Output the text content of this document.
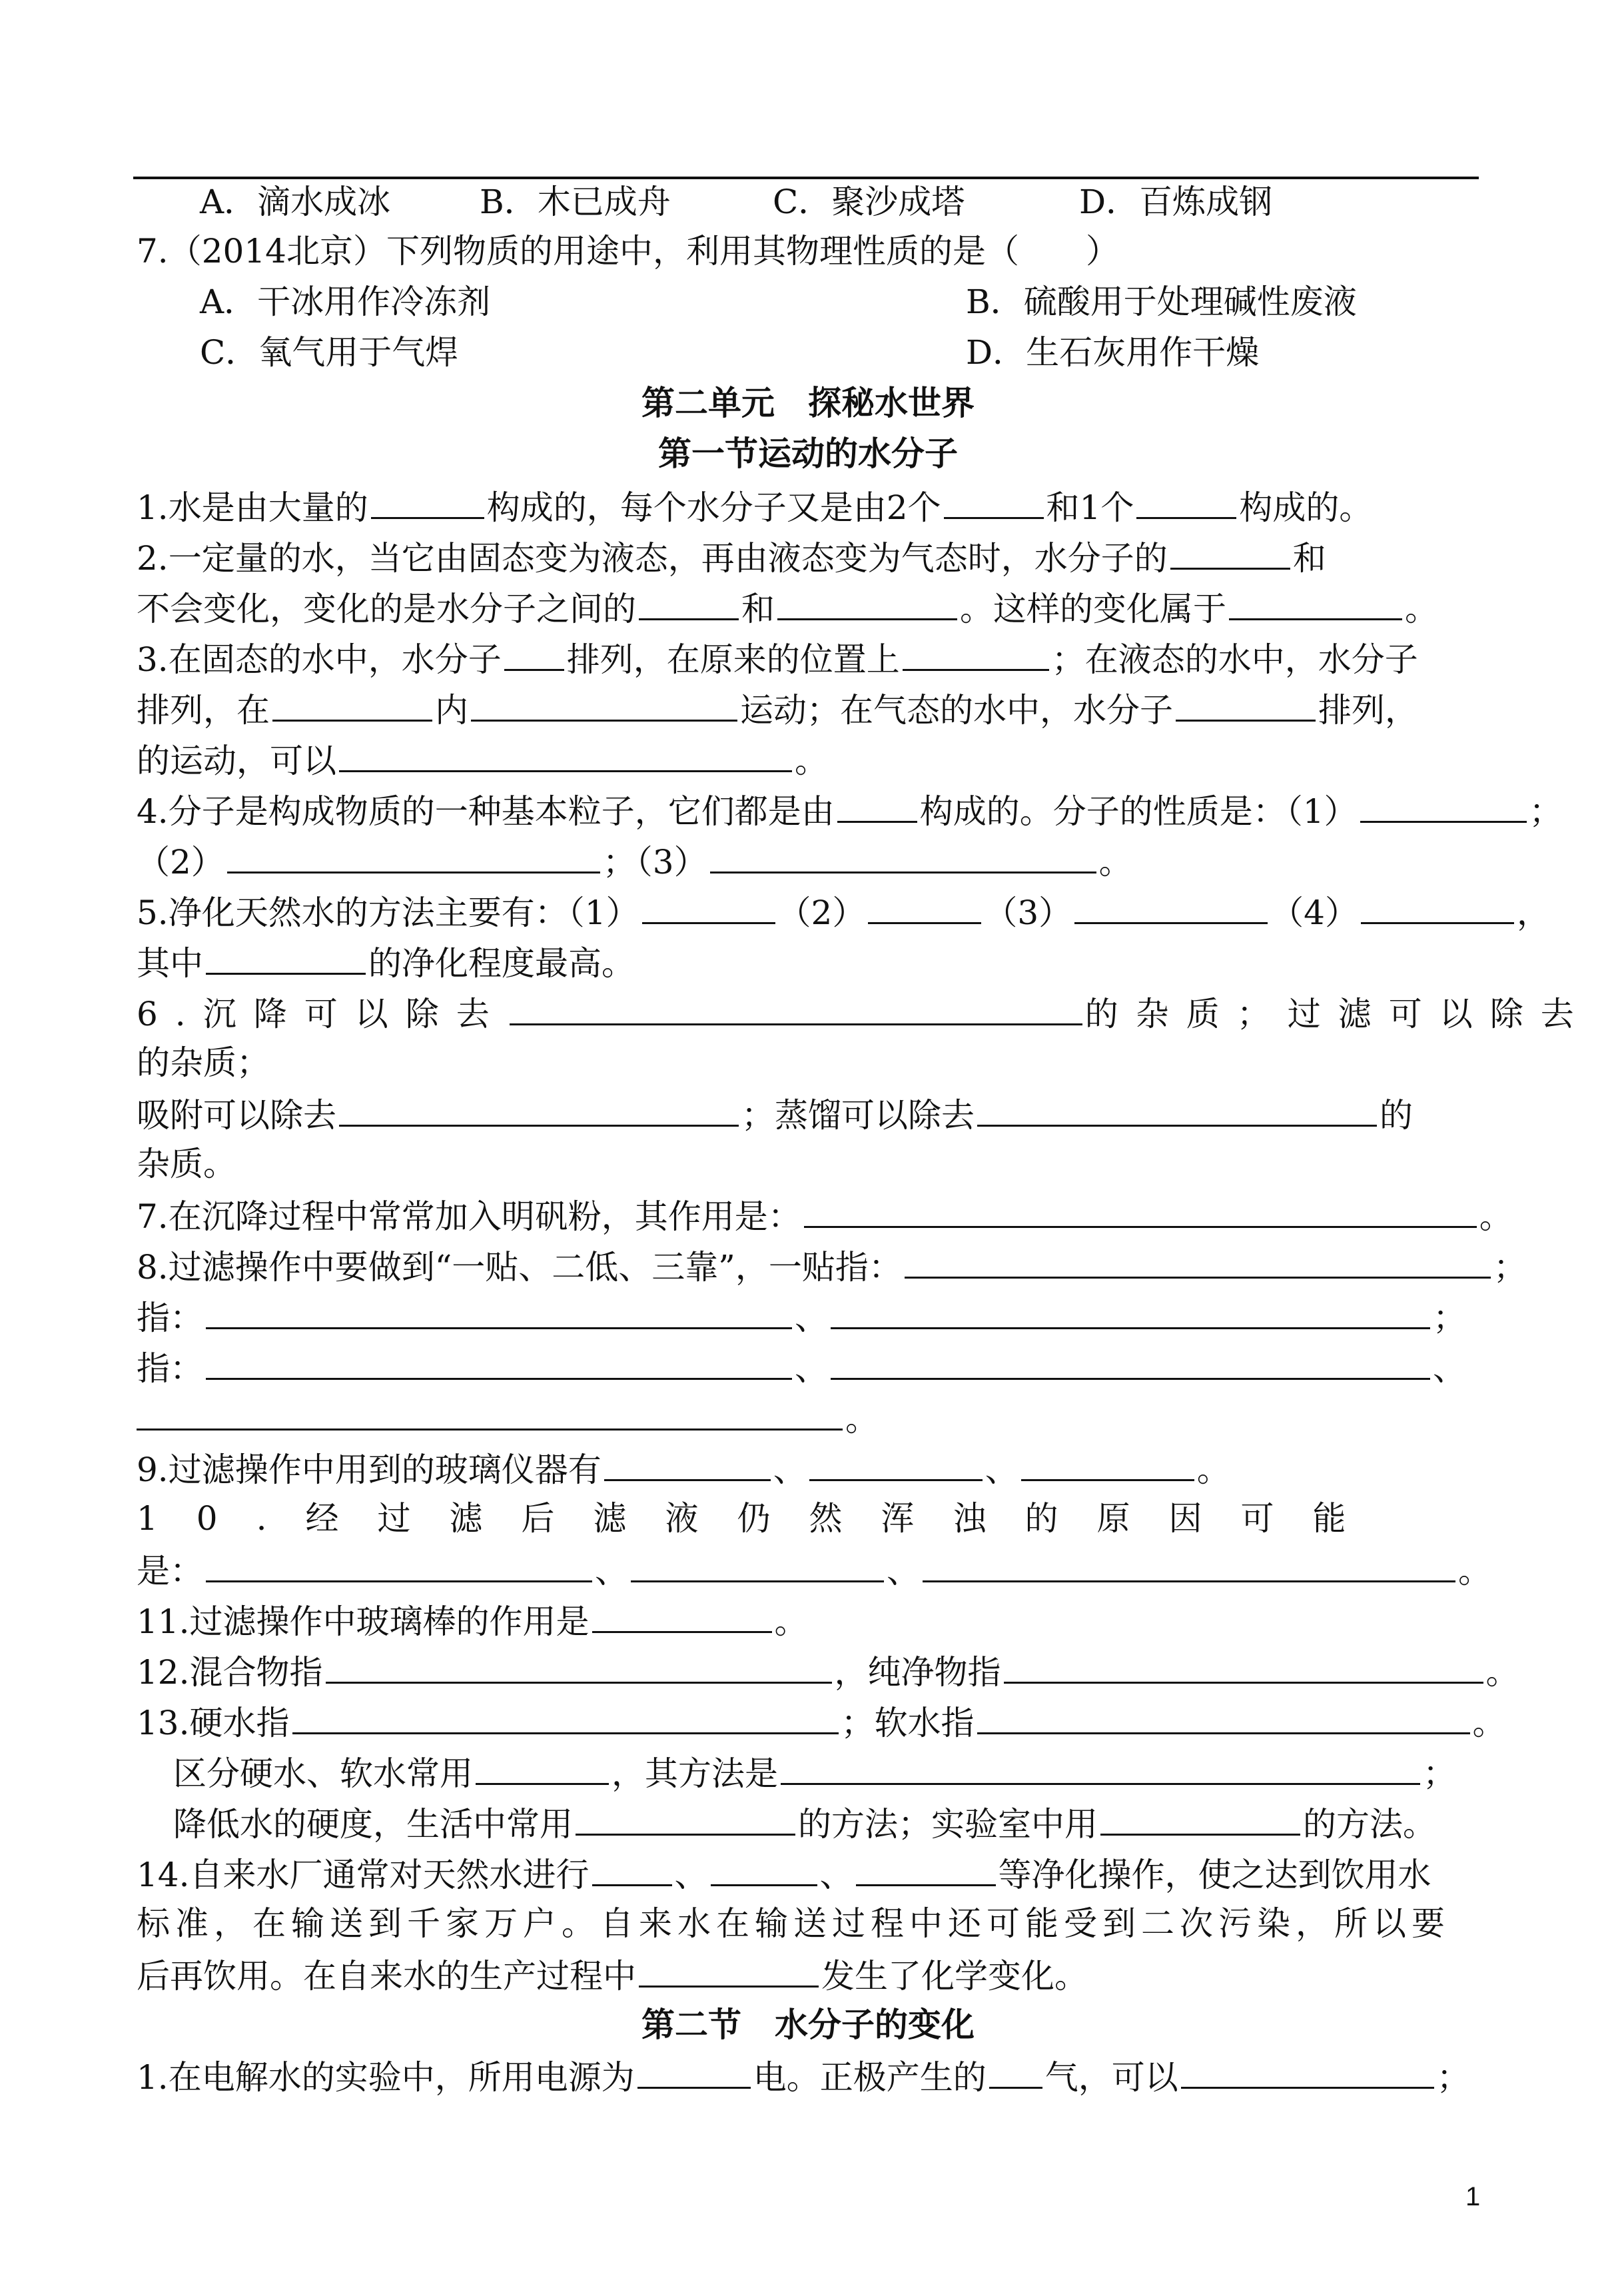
A．滴水成冰	B．木已成舟	C．聚沙成塔	D．百炼成钢
7.（2014北京）下列物质的用途中，利用其物理性质的是（　　）
A．干冰用作冷冻剂	B．硫酸用于处理碱性废液
C．氧气用于气焊	D．生石灰用作干燥
第二单元　探秘水世界
第一节运动的水分子
1.水是由大量的	构成的，每个水分子又是由2个	和1个	构成的。
2.一定量的水，当它由固态变为液态，再由液态变为气态时，水分子的	和
不会变化，变化的是水分子之间的	和	。这样的变化属于	。
3.在固态的水中，水分子 排列，在原来的位置上	；在液态的水中，水分子
排列，在	内	运动；在气态的水中，水分子	排列，
的运动，可以	。
4.分子是构成物质的一种基本粒子，它们都是由	构成的。分子的性质是：（1）	；
（2）	；（3）	。
5.净化天然水的方法主要有：（1）	（2）	（3）	（4）	，
其中	的净化程度最高。
6.沉降可以除去	的杂质；过滤可以除去
的杂质；
吸附可以除去	；蒸馏可以除去	的
杂质。
7.在沉降过程中常常加入明矾粉，其作用是：	。
8.过滤操作中要做到“一贴、二低、三靠”，一贴指：	；
指：	、	；
指：	、	、
。
9.过滤操作中用到的玻璃仪器有	、	、	。
10.经过滤后滤液仍然浑浊的原因可能
是：	、	、	。
11.过滤操作中玻璃棒的作用是	。
12.混合物指	，纯净物指	。
13.硬水指	；软水指	。
区分硬水、软水常用	，其方法是	；
降低水的硬度，生活中常用	的方法；实验室中用	的方法。
14.自来水厂通常对天然水进行	、	、	等净化操作，使之达到饮用水
标准，在输送到千家万户。自来水在输送过程中还可能受到二次污染，所以要
后再饮用。在自来水的生产过程中	发生了化学变化。
第二节　水分子的变化
1.在电解水的实验中，所用电源为	电。正极产生的 气，可以	；
1
